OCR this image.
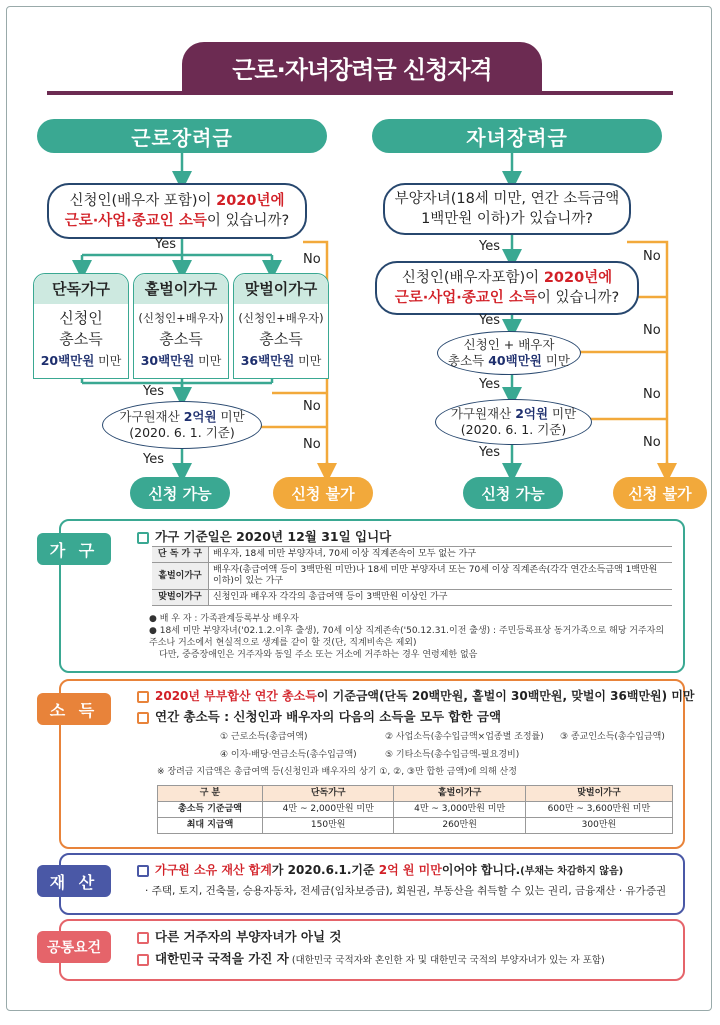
근로·자녀장려금 신청자격
근로장려금
신청인(배우자 포함)이 2020년에
근로·사업·종교인 소득이 있습니까?
Yes
No
단독가구
신청인
총소득
20백만원 미만
홑벌이가구
(신청인+배우자)
총소득
30백만원 미만
맞벌이가구
(신청인+배우자)
총소득
36백만원 미만
Yes
No
가구원재산 2억원 미만
(2020. 6. 1. 기준)
No
Yes
신청 가능	신청 불가
자녀장려금
부양자녀(18세 미만, 연간 소득금액
1백만원 이하)가 있습니까?
Yes
No
신청인(배우자포함)이 2020년에
근로·사업·종교인 소득이 있습니까?
Yes
No
신청인 + 배우자
총소득 40백만원 미만
Yes
No
가구원재산 2억원 미만
(2020. 6. 1. 기준)
No
Yes
신청 가능	신청 불가
가 구
가구 기준일은 2020년 12월 31일 입니다
단 독 가 구	배우자, 18세 미만 부양자녀, 70세 이상 직계존속이 모두 없는 가구
홑벌이가구	배우자(총급여액 등이 3백만원 미만)나 18세 미만 부양자녀 또는 70세 이상 직계존속(각각 연간소득금액 1백만원 이하)이 있는 가구
맞벌이가구	신청인과 배우자 각각의 총급여액 등이 3백만원 이상인 가구
● 배 우 자 : 가족관계등록부상 배우자
● 18세 미만 부양자녀('02.1.2.이후 출생), 70세 이상 직계존속('50.12.31.이전 출생) : 주민등록표상 동거가족으로 해당 거주자의 주소나 거소에서 현실적으로 생계를 같이 할 것(단, 직계비속은 제외)
다만, 중증장애인은 거주자와 동일 주소 또는 거소에 거주하는 경우 연령제한 없음
소 득
2020년 부부합산 연간 총소득이 기준금액(단독 20백만원, 홑벌이 30백만원, 맞벌이 36백만원) 미만
연간 총소득 : 신청인과 배우자의 다음의 소득을 모두 합한 금액
① 근로소득(총급여액)	② 사업소득(총수입금액×업종별 조정률) ③ 종교인소득(총수입금액)
④ 이자·배당·연금소득(총수입금액)	⑤ 기타소득(총수입금액-필요경비)
※ 장려금 지급액은 총급여액 등(신청인과 배우자의 상기 ①, ②, ③만 합한 금액)에 의해 산정
구 분	단독가구	홑벌이가구	맞벌이가구
총소득 기준금액	4만 ~ 2,000만원 미만	4만 ~ 3,000만원 미만	600만 ~ 3,600만원 미만
최대 지급액	150만원	260만원	300만원
재 산
가구원 소유 재산 합계가 2020.6.1.기준 2억 원 미만이어야 합니다.(부채는 차감하지 않음)
· 주택, 토지, 건축물, 승용자동차, 전세금(임차보증금), 회원권, 부동산을 취득할 수 있는 권리, 금융재산 · 유가증권
공통요건
다른 거주자의 부양자녀가 아닐 것
대한민국 국적을 가진 자 (대한민국 국적자와 혼인한 자 및 대한민국 국적의 부양자녀가 있는 자 포함)
